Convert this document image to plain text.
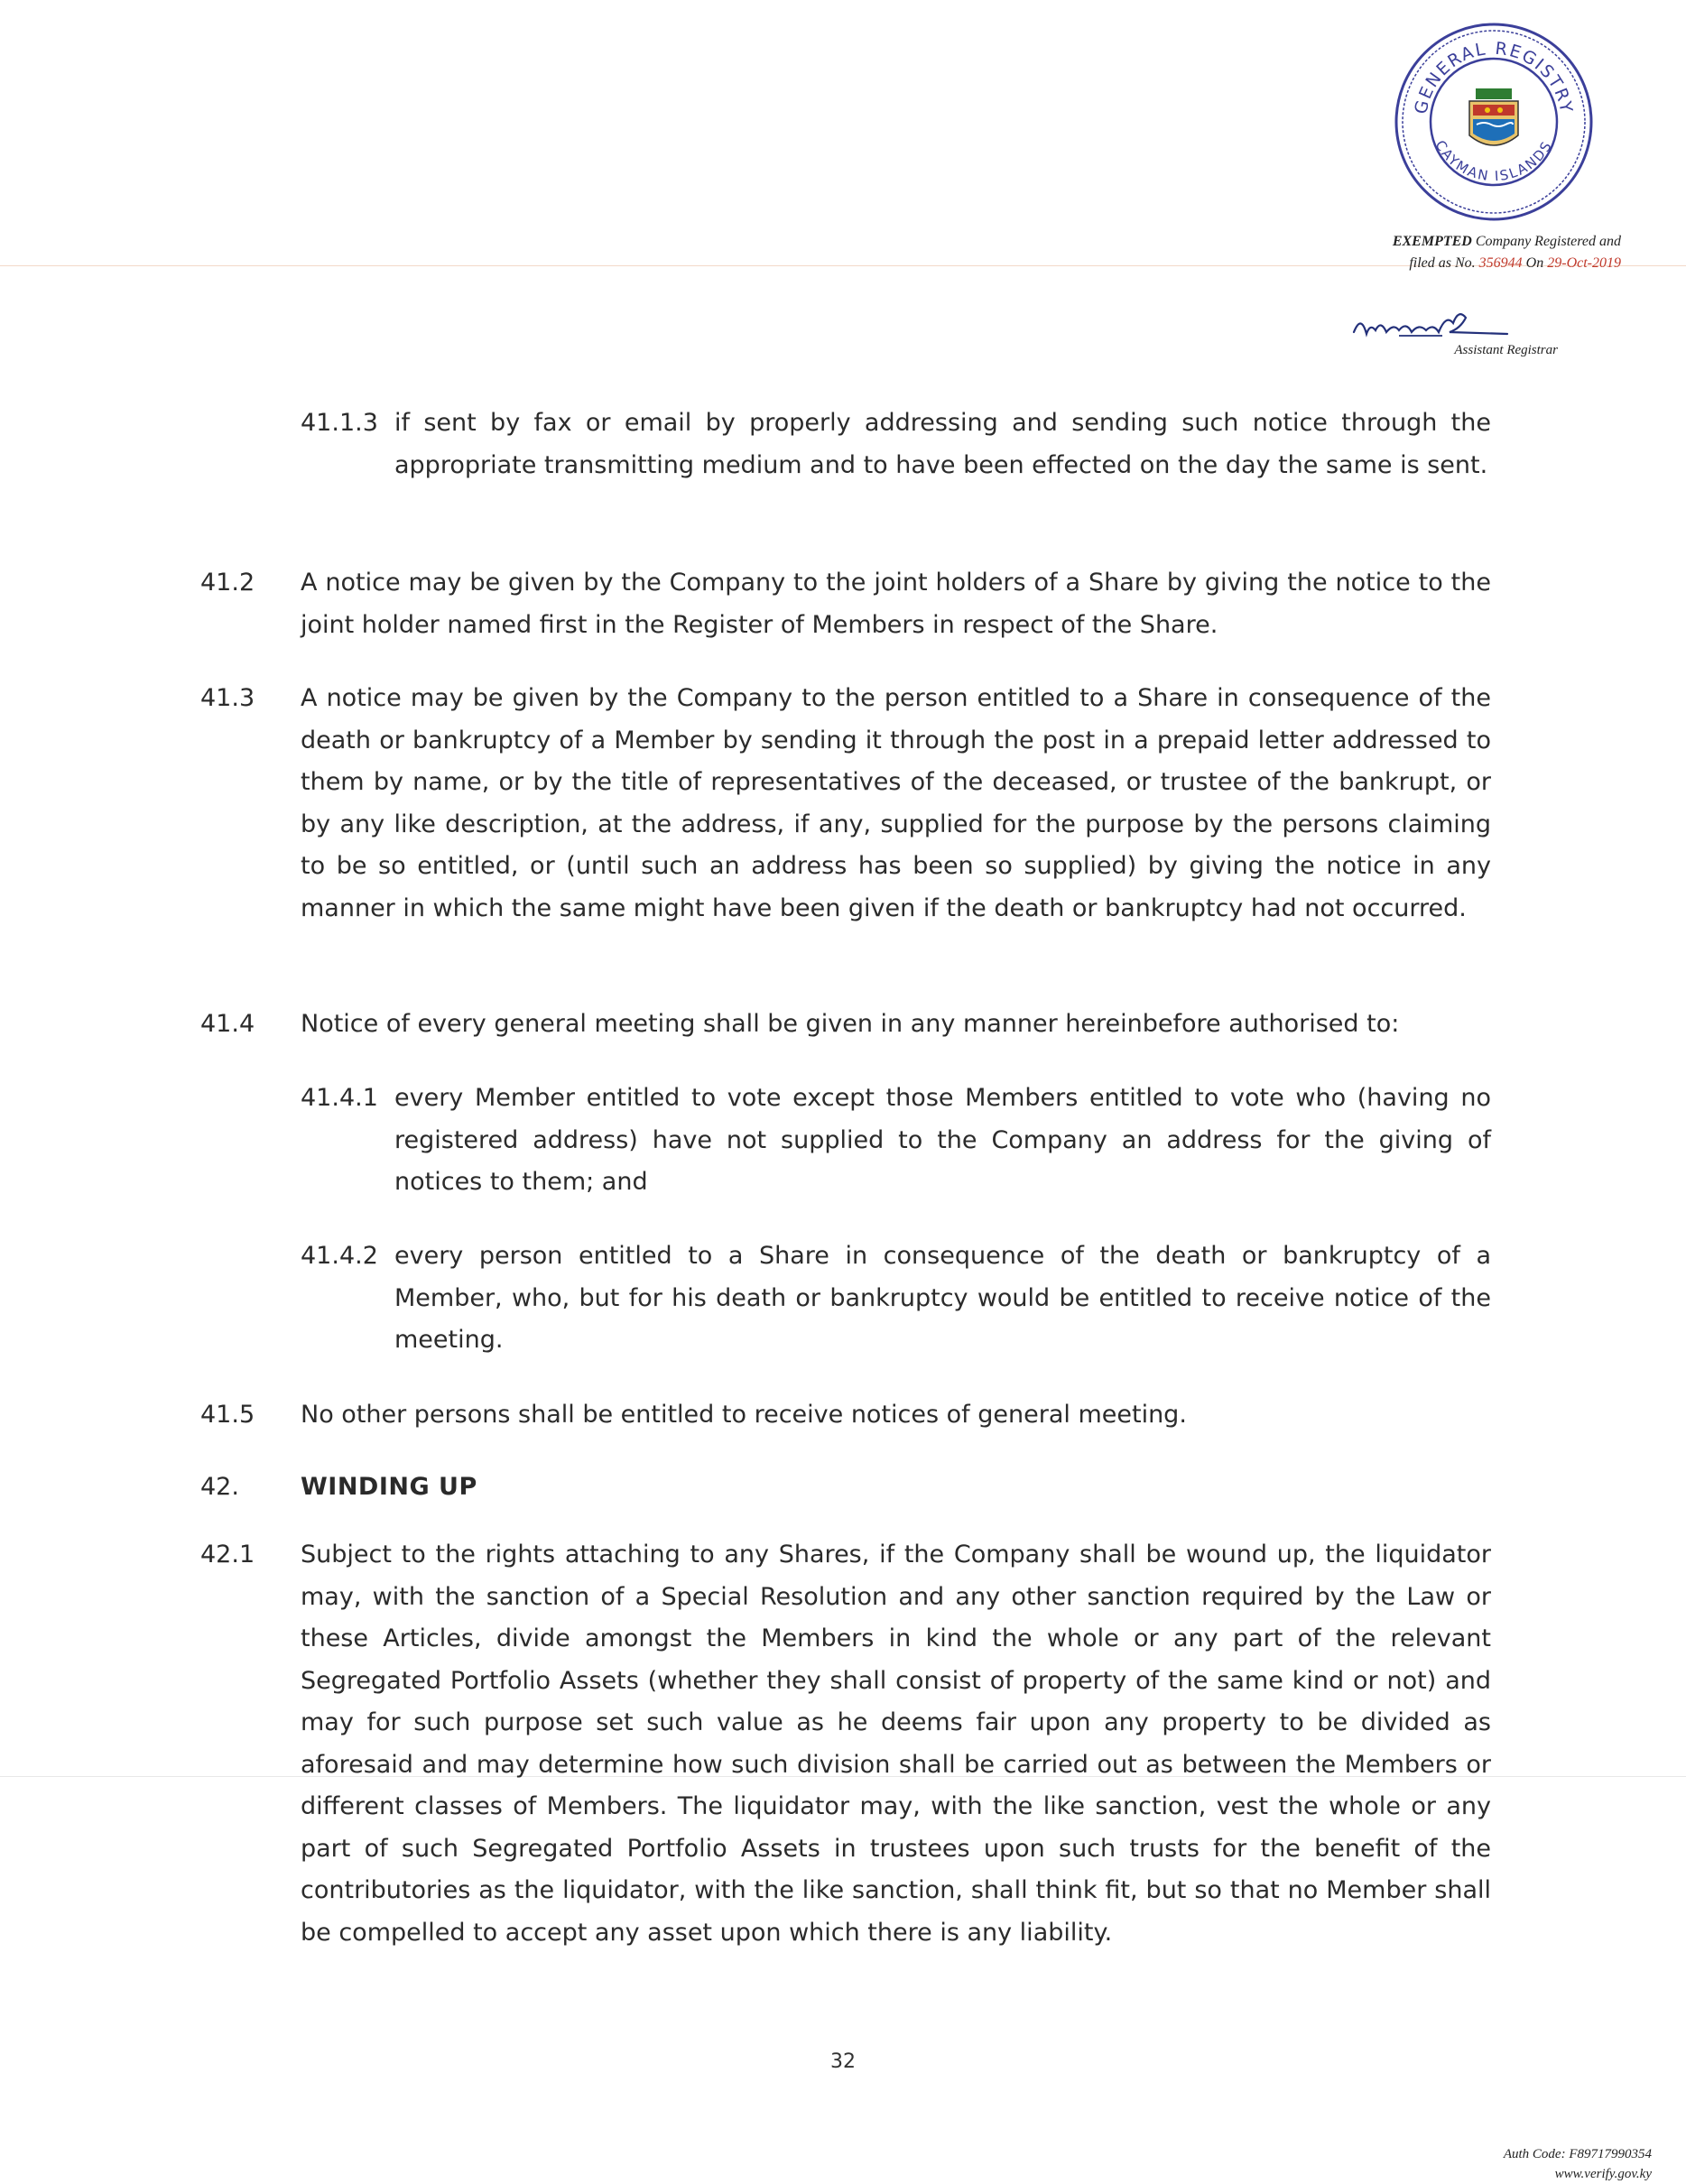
GENERAL REGISTRY
CAYMAN ISLANDS
EXEMPTED Company Registered and
filed as No. 356944 On 29-Oct-2019
Assistant Registrar
41.1.3 if sent by fax or email by properly addressing and sending such notice through the appropriate transmitting medium and to have been effected on the day the same is sent.
41.2 A notice may be given by the Company to the joint holders of a Share by giving the notice to the joint holder named first in the Register of Members in respect of the Share.
41.3 A notice may be given by the Company to the person entitled to a Share in consequence of the death or bankruptcy of a Member by sending it through the post in a prepaid letter addressed to them by name, or by the title of representatives of the deceased, or trustee of the bankrupt, or by any like description, at the address, if any, supplied for the purpose by the persons claiming to be so entitled, or (until such an address has been so supplied) by giving the notice in any manner in which the same might have been given if the death or bankruptcy had not occurred.
41.4 Notice of every general meeting shall be given in any manner hereinbefore authorised to:
41.4.1 every Member entitled to vote except those Members entitled to vote who (having no registered address) have not supplied to the Company an address for the giving of notices to them; and
41.4.2 every person entitled to a Share in consequence of the death or bankruptcy of a Member, who, but for his death or bankruptcy would be entitled to receive notice of the meeting.
41.5 No other persons shall be entitled to receive notices of general meeting.
42.	WINDING UP
42.1 Subject to the rights attaching to any Shares, if the Company shall be wound up, the liquidator may, with the sanction of a Special Resolution and any other sanction required by the Law or these Articles, divide amongst the Members in kind the whole or any part of the relevant Segregated Portfolio Assets (whether they shall consist of property of the same kind or not) and may for such purpose set such value as he deems fair upon any property to be divided as aforesaid and may determine how such division shall be carried out as between the Members or different classes of Members. The liquidator may, with the like sanction, vest the whole or any part of such Segregated Portfolio Assets in trustees upon such trusts for the benefit of the contributories as the liquidator, with the like sanction, shall think fit, but so that no Member shall be compelled to accept any asset upon which there is any liability.
32
Auth Code: F89717990354
www.verify.gov.ky
